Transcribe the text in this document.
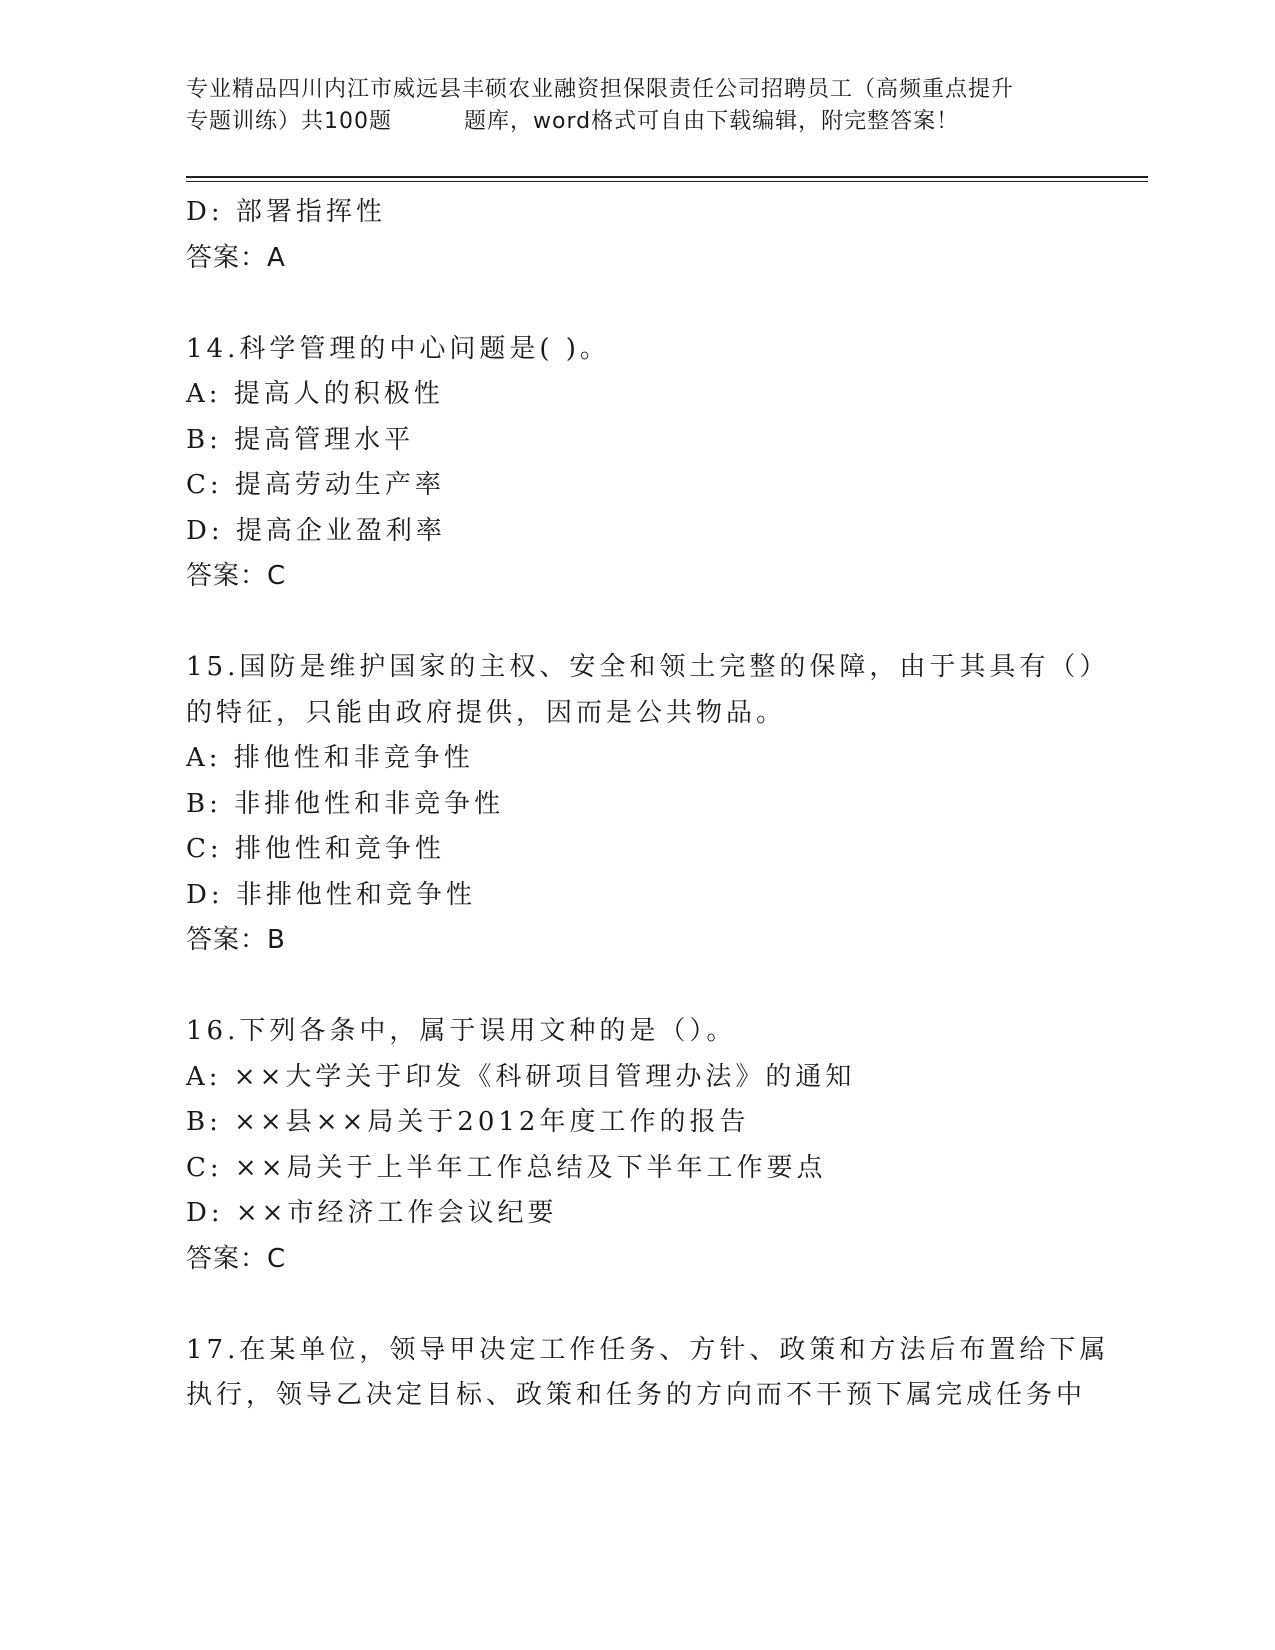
专业精品四川内江市威远县丰硕农业融资担保限责任公司招聘员工（高频重点提升
专题训练）共100题	题库，word格式可自由下载编辑，附完整答案！
D: 部署指挥性
答案：A
14.科学管理的中心问题是( )。
A: 提高人的积极性
B: 提高管理水平
C: 提高劳动生产率
D: 提高企业盈利率
答案：C
15.国防是维护国家的主权、安全和领土完整的保障，由于其具有（）
的特征，只能由政府提供，因而是公共物品。
A: 排他性和非竞争性
B: 非排他性和非竞争性
C: 排他性和竞争性
D: 非排他性和竞争性
答案：B
16.下列各条中，属于误用文种的是（）。
A: ××大学关于印发《科研项目管理办法》的通知
B: ××县××局关于2012年度工作的报告
C: ××局关于上半年工作总结及下半年工作要点
D: ××市经济工作会议纪要
答案：C
17.在某单位，领导甲决定工作任务、方针、政策和方法后布置给下属
执行，领导乙决定目标、政策和任务的方向而不干预下属完成任务中
